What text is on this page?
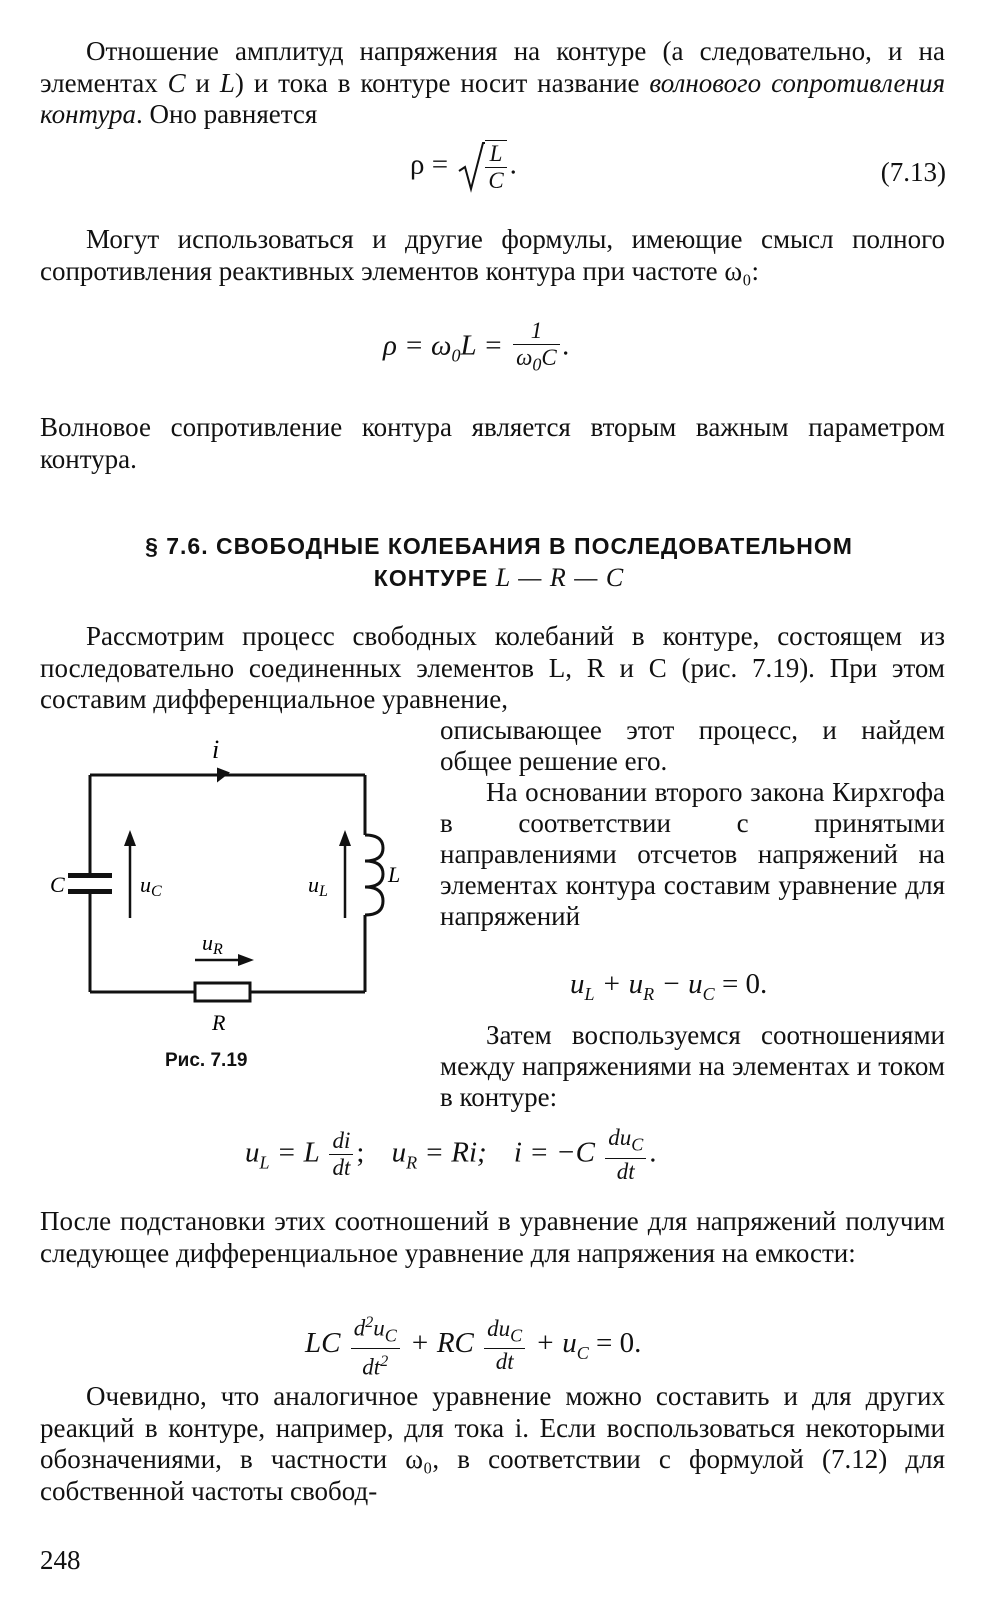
Отношение амплитуд напряжения на контуре (а следовательно, и на элементах C и L) и тока в контуре носит название волнового сопротивления контура. Оно равняется

$\rho = \frac{L}{C}$ .	(7.13)

Могут использоваться и другие формулы, имеющие смысл полного сопротивления реактивных элементов контура при частоте ω₀:

$\rho = \omega_0L = \frac{1}{\omega_0C}$ .

Волновое сопротивление контура является вторым важным параметром контура.

§ 7.6. СВОБОДНЫЕ КОЛЕБАНИЯ В ПОСЛЕДОВАТЕЛЬНОМ
КОНТУРЕ L — R — C

Рассмотрим процесс свободных колебаний в контуре, состоящем из последовательно соединенных элементов L, R и C (рис. 7.19). При этом составим дифференциальное уравнение,

описывающее этот процесс, и найдем общее решение его.

На основании второго закона Кирхгофа в соответствии с принятыми направлениями отсчетов напряжений на элементах контура составим уравнение для напряжений

$u_L + u_R - u_C = 0$.

Затем воспользуемся соотношениями между напряжениями на элементах и током в контуре:

$u_L = L \frac{di}{dt}$ ; $u_R = Ri$; $i = -C \frac{du_C}{dt}$ .

После подстановки этих соотношений в уравнение для напряжений получим следующее дифференциальное уравнение для напряжения на емкости:

LC $\frac{d^2u_C}{dt^2}$ + RC $\frac{du_C}{dt} + u_C = 0$.

Очевидно, что аналогичное уравнение можно составить и для других реакций в контуре, например, для тока i. Если воспользоваться некоторыми обозначениями, в частности ω₀, в соответствии с формулой (7.12) для собственной частоты свобод-

i
C	uC	uL
L
uR
R
Рис. 7.19
248
